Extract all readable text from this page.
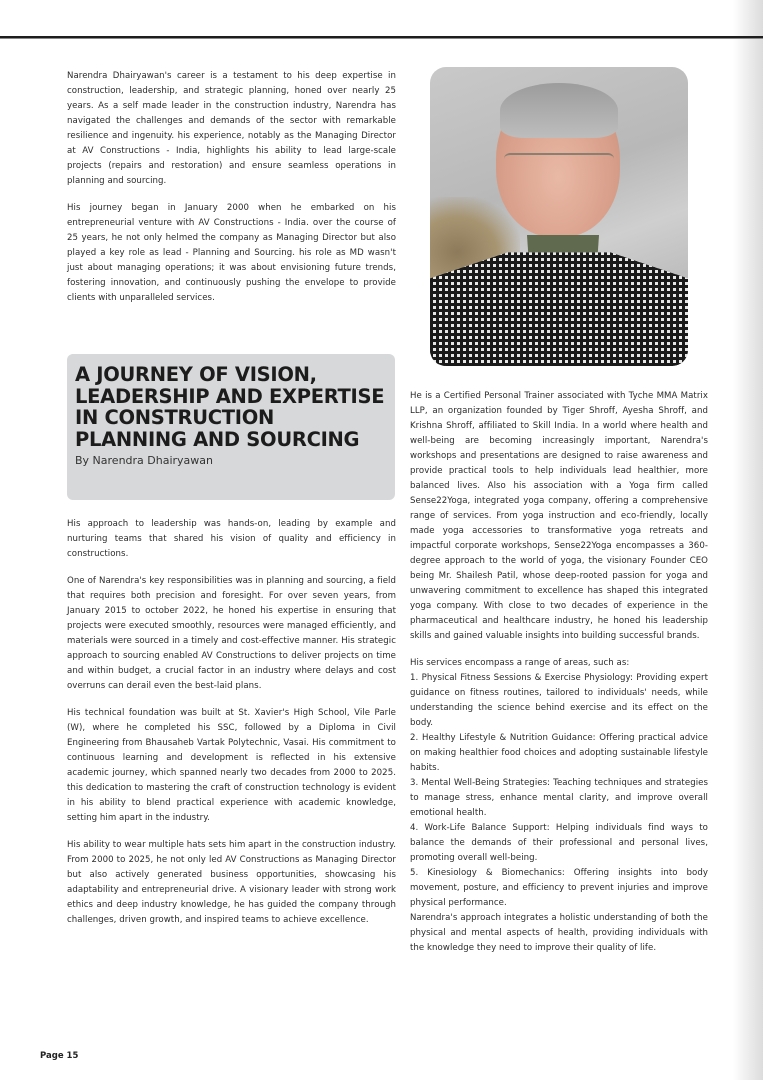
Narendra Dhairyawan's career is a testament to his deep expertise in construction, leadership, and strategic planning, honed over nearly 25 years. As a self made leader in the construction industry, Narendra has navigated the challenges and demands of the sector with remarkable resilience and ingenuity. his experience, notably as the Managing Director at AV Constructions - India, highlights his ability to lead large-scale projects (repairs and restoration) and ensure seamless operations in planning and sourcing.

His journey began in January 2000 when he embarked on his entrepreneurial venture with AV Constructions - India. over the course of 25 years, he not only helmed the company as Managing Director but also played a key role as lead - Planning and Sourcing. his role as MD wasn't just about managing operations; it was about envisioning future trends, fostering innovation, and continuously pushing the envelope to provide clients with unparalleled services.

A JOURNEY OF VISION, LEADERSHIP AND EXPERTISE IN CONSTRUCTION PLANNING AND SOURCING
By Narendra Dhairyawan

His approach to leadership was hands-on, leading by example and nurturing teams that shared his vision of quality and efficiency in constructions.

One of Narendra's key responsibilities was in planning and sourcing, a field that requires both precision and foresight. For over seven years, from January 2015 to october 2022, he honed his expertise in ensuring that projects were executed smoothly, resources were managed efficiently, and materials were sourced in a timely and cost-effective manner. His strategic approach to sourcing enabled AV Constructions to deliver projects on time and within budget, a crucial factor in an industry where delays and cost overruns can derail even the best-laid plans.

His technical foundation was built at St. Xavier's High School, Vile Parle (W), where he completed his SSC, followed by a Diploma in Civil Engineering from Bhausaheb Vartak Polytechnic, Vasai. His commitment to continuous learning and development is reflected in his extensive academic journey, which spanned nearly two decades from 2000 to 2025. this dedication to mastering the craft of construction technology is evident in his ability to blend practical experience with academic knowledge, setting him apart in the industry.

His ability to wear multiple hats sets him apart in the construction industry. From 2000 to 2025, he not only led AV Constructions as Managing Director but also actively generated business opportunities, showcasing his adaptability and entrepreneurial drive. A visionary leader with strong work ethics and deep industry knowledge, he has guided the company through challenges, driven growth, and inspired teams to achieve excellence.

He is a Certified Personal Trainer associated with Tyche MMA Matrix LLP, an organization founded by Tiger Shroff, Ayesha Shroff, and Krishna Shroff, affiliated to Skill India. In a world where health and well-being are becoming increasingly important, Narendra's workshops and presentations are designed to raise awareness and provide practical tools to help individuals lead healthier, more balanced lives. Also his association with a Yoga firm called Sense22Yoga, integrated yoga company, offering a comprehensive range of services. From yoga instruction and eco-friendly, locally made yoga accessories to transformative yoga retreats and impactful corporate workshops, Sense22Yoga encompasses a 360-degree approach to the world of yoga, the visionary Founder CEO being Mr. Shailesh Patil, whose deep-rooted passion for yoga and unwavering commitment to excellence has shaped this integrated yoga company. With close to two decades of experience in the pharmaceutical and healthcare industry, he honed his leadership skills and gained valuable insights into building successful brands.

His services encompass a range of areas, such as:

1. Physical Fitness Sessions & Exercise Physiology: Providing expert guidance on fitness routines, tailored to individuals' needs, while understanding the science behind exercise and its effect on the body.

2. Healthy Lifestyle & Nutrition Guidance: Offering practical advice on making healthier food choices and adopting sustainable lifestyle habits.

3. Mental Well-Being Strategies: Teaching techniques and strategies to manage stress, enhance mental clarity, and improve overall emotional health.

4. Work-Life Balance Support: Helping individuals find ways to balance the demands of their professional and personal lives, promoting overall well-being.

5. Kinesiology & Biomechanics: Offering insights into body movement, posture, and efficiency to prevent injuries and improve physical performance.

Narendra's approach integrates a holistic understanding of both the physical and mental aspects of health, providing individuals with the knowledge they need to improve their quality of life.

Page 15
